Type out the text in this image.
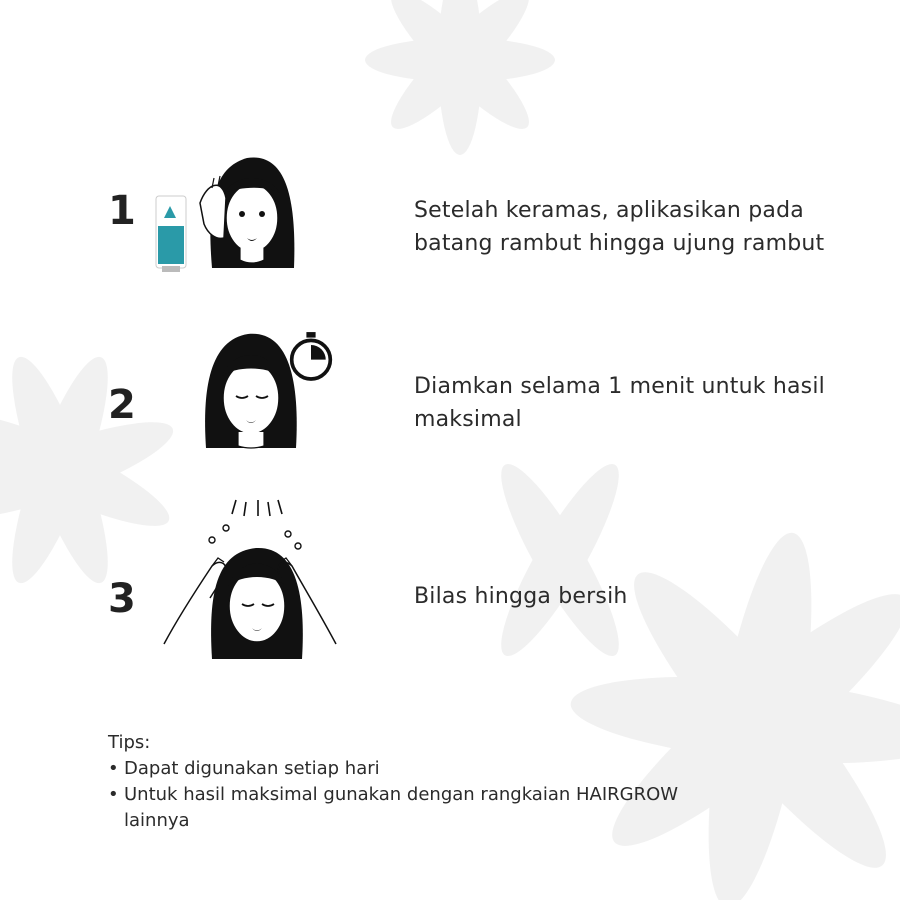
1	Setelah keramas, aplikasikan pada batang rambut hingga ujung rambut
2	Diamkan selama 1 menit untuk hasil maksimal
3	Bilas hingga bersih
Tips:
• Dapat digunakan setiap hari
• Untuk hasil maksimal gunakan dengan rangkaian HAIRGROW lainnya
